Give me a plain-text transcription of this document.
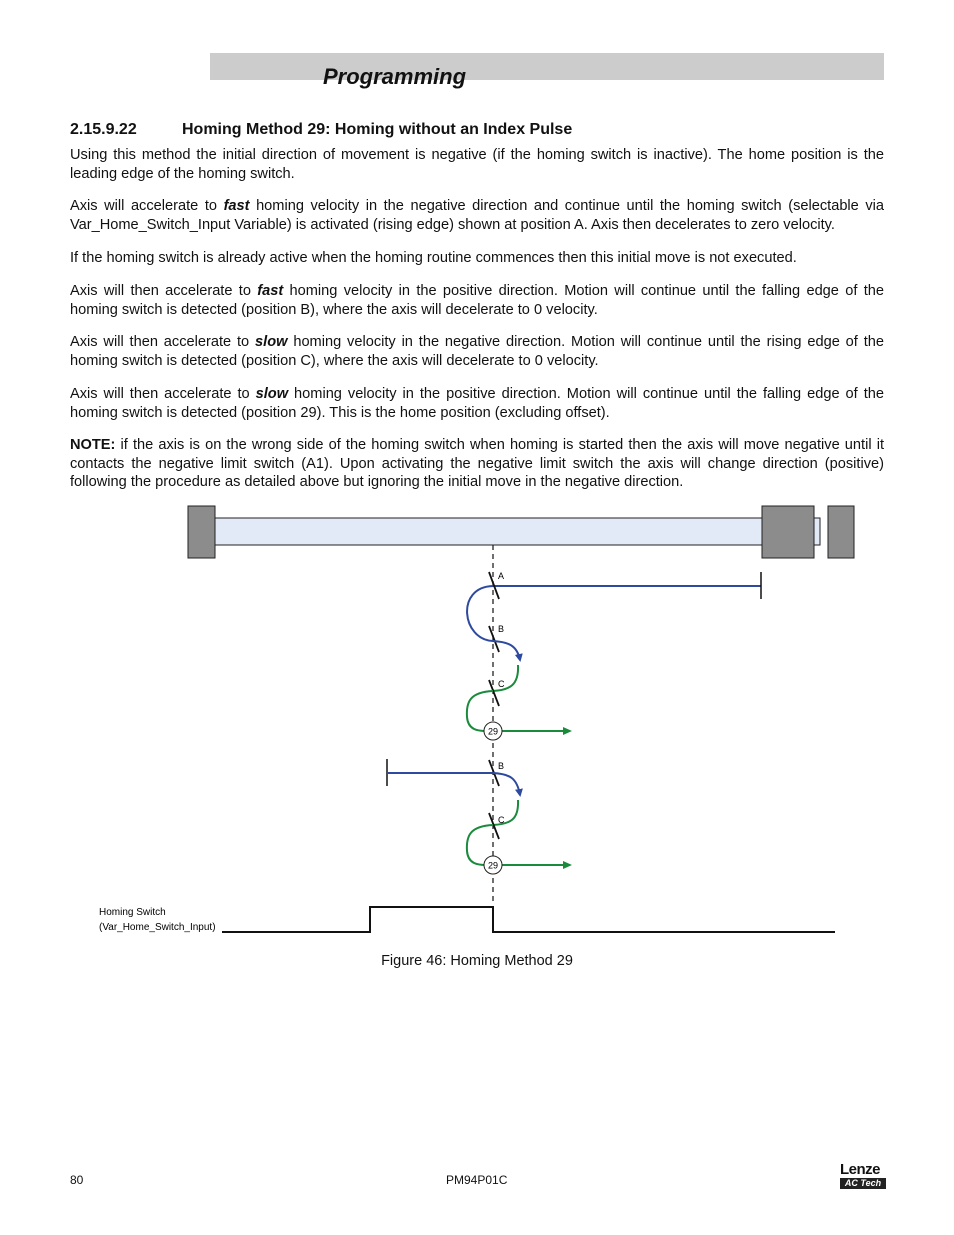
Programming
2.15.9.22	Homing Method 29: Homing without an Index Pulse

Using this method the initial direction of movement is negative (if the homing switch is inactive). The home position is the leading edge of the homing switch.

Axis will accelerate to fast homing velocity in the negative direction and continue until the homing switch (selectable via Var_Home_Switch_Input Variable) is activated (rising edge) shown at position A. Axis then decelerates to zero velocity.

If the homing switch is already active when the homing routine commences then this initial move is not executed.

Axis will then accelerate to fast homing velocity in the positive direction. Motion will continue until the falling edge of the homing switch is detected (position B), where the axis will decelerate to 0 velocity.

Axis will then accelerate to slow homing velocity in the negative direction. Motion will continue until the rising edge of the homing switch is detected (position C), where the axis will decelerate to 0 velocity.

Axis will then accelerate to slow homing velocity in the positive direction. Motion will continue until the falling edge of the homing switch is detected (position 29). This is the home position (excluding offset).

NOTE: if the axis is on the wrong side of the homing switch when homing is started then the axis will move negative until it contacts the negative limit switch (A1). Upon activating the negative limit switch the axis will change direction (positive) following the procedure as detailed above but ignoring the initial move in the negative direction.

A
B
C
29
B
C
29
Homing Switch
(Var_Home_Switch_Input)
Figure 46: Homing Method 29
80	PM94P01C
Lenze
AC Tech
